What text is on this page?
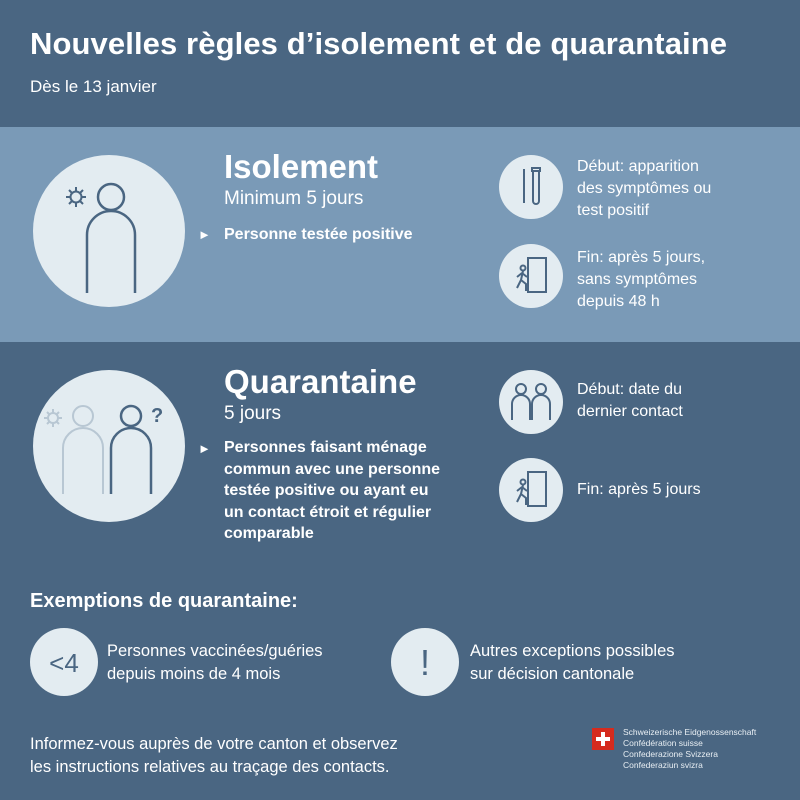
Nouvelles règles d’isolement et de quarantaine
Dès le 13 janvier
Isolement
Minimum 5 jours
► Personne testée positive
Début: apparition
des symptômes ou
test positif
Fin: après 5 jours,
sans symptômes
depuis 48 h
?
Quarantaine
5 jours
► Personnes faisant ménage
commun avec une personne
testée positive ou ayant eu
un contact étroit et régulier
comparable
Début: date du
dernier contact
Fin: après 5 jours
Exemptions de quarantaine:
<4 Personnes vaccinées/guéries
depuis moins de 4 mois	! Autres exceptions possibles
sur décision cantonale
Informez-vous auprès de votre canton et observez
les instructions relatives au traçage des contacts.
Schweizerische Eidgenossenschaft
Confédération suisse
Confederazione Svizzera
Confederaziun svizra
